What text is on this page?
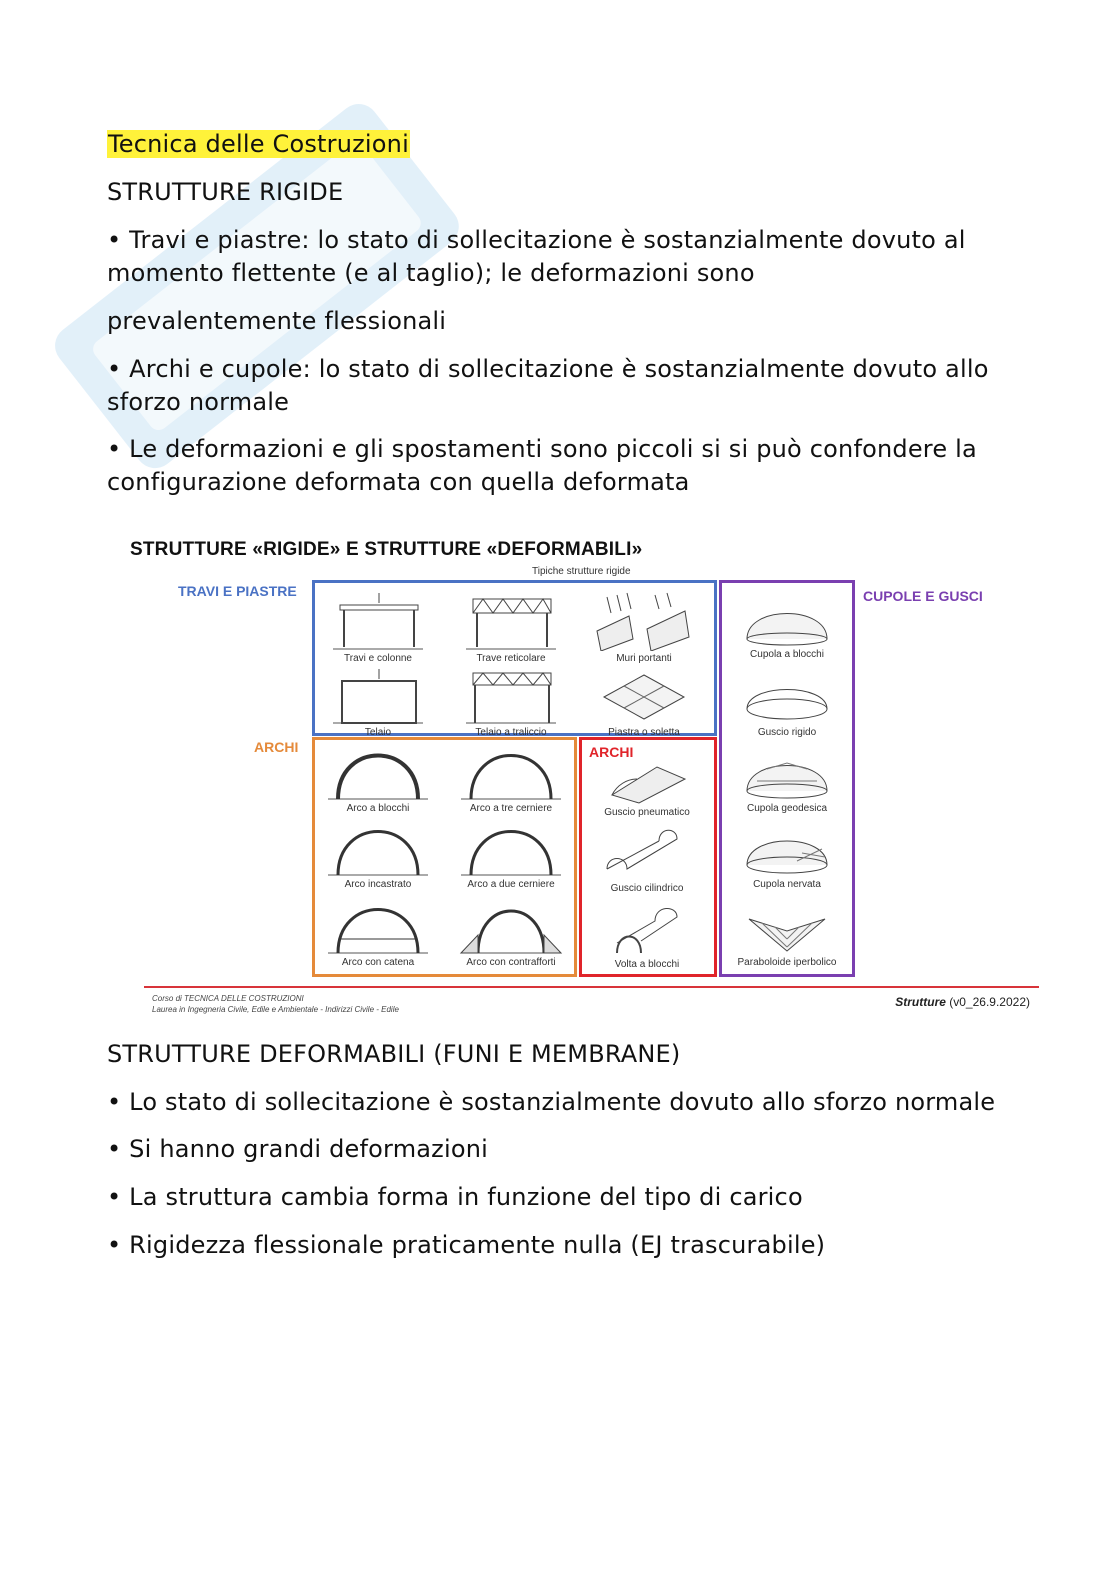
Tecnica delle Costruzioni

STRUTTURE RIGIDE

• Travi e piastre: lo stato di sollecitazione è sostanzialmente dovuto al momento flettente (e al taglio); le deformazioni sono

prevalentemente flessionali

• Archi e cupole: lo stato di sollecitazione è sostanzialmente dovuto allo sforzo normale

• Le deformazioni e gli spostamenti sono piccoli si si può confondere la configurazione deformata con quella deformata

STRUTTURE «RIGIDE» E STRUTTURE «DEFORMABILI»
Tipiche strutture rigide
TRAVI E PIASTRE
ARCHI
CUPOLE E GUSCI
ARCHI
Travi e colonne	Trave reticolare	Muri portanti
Telaio	Telaio a traliccio	Piastra o soletta
Arco a blocchi	Arco a tre cerniere
Arco incastrato	Arco a due cerniere
Arco con catena	Arco con contrafforti
Guscio pneumatico
Guscio cilindrico
Volta a blocchi
Cupola a blocchi
Guscio rigido
Cupola geodesica
Cupola nervata
Paraboloide iperbolico
Corso di TECNICA DELLE COSTRUZIONI
Laurea in Ingegneria Civile, Edile e Ambientale - Indirizzi Civile - Edile
Strutture (v0_26.9.2022)

STRUTTURE DEFORMABILI (FUNI E MEMBRANE)

• Lo stato di sollecitazione è sostanzialmente dovuto allo sforzo normale

• Si hanno grandi deformazioni

• La struttura cambia forma in funzione del tipo di carico

• Rigidezza flessionale praticamente nulla (EJ trascurabile)
